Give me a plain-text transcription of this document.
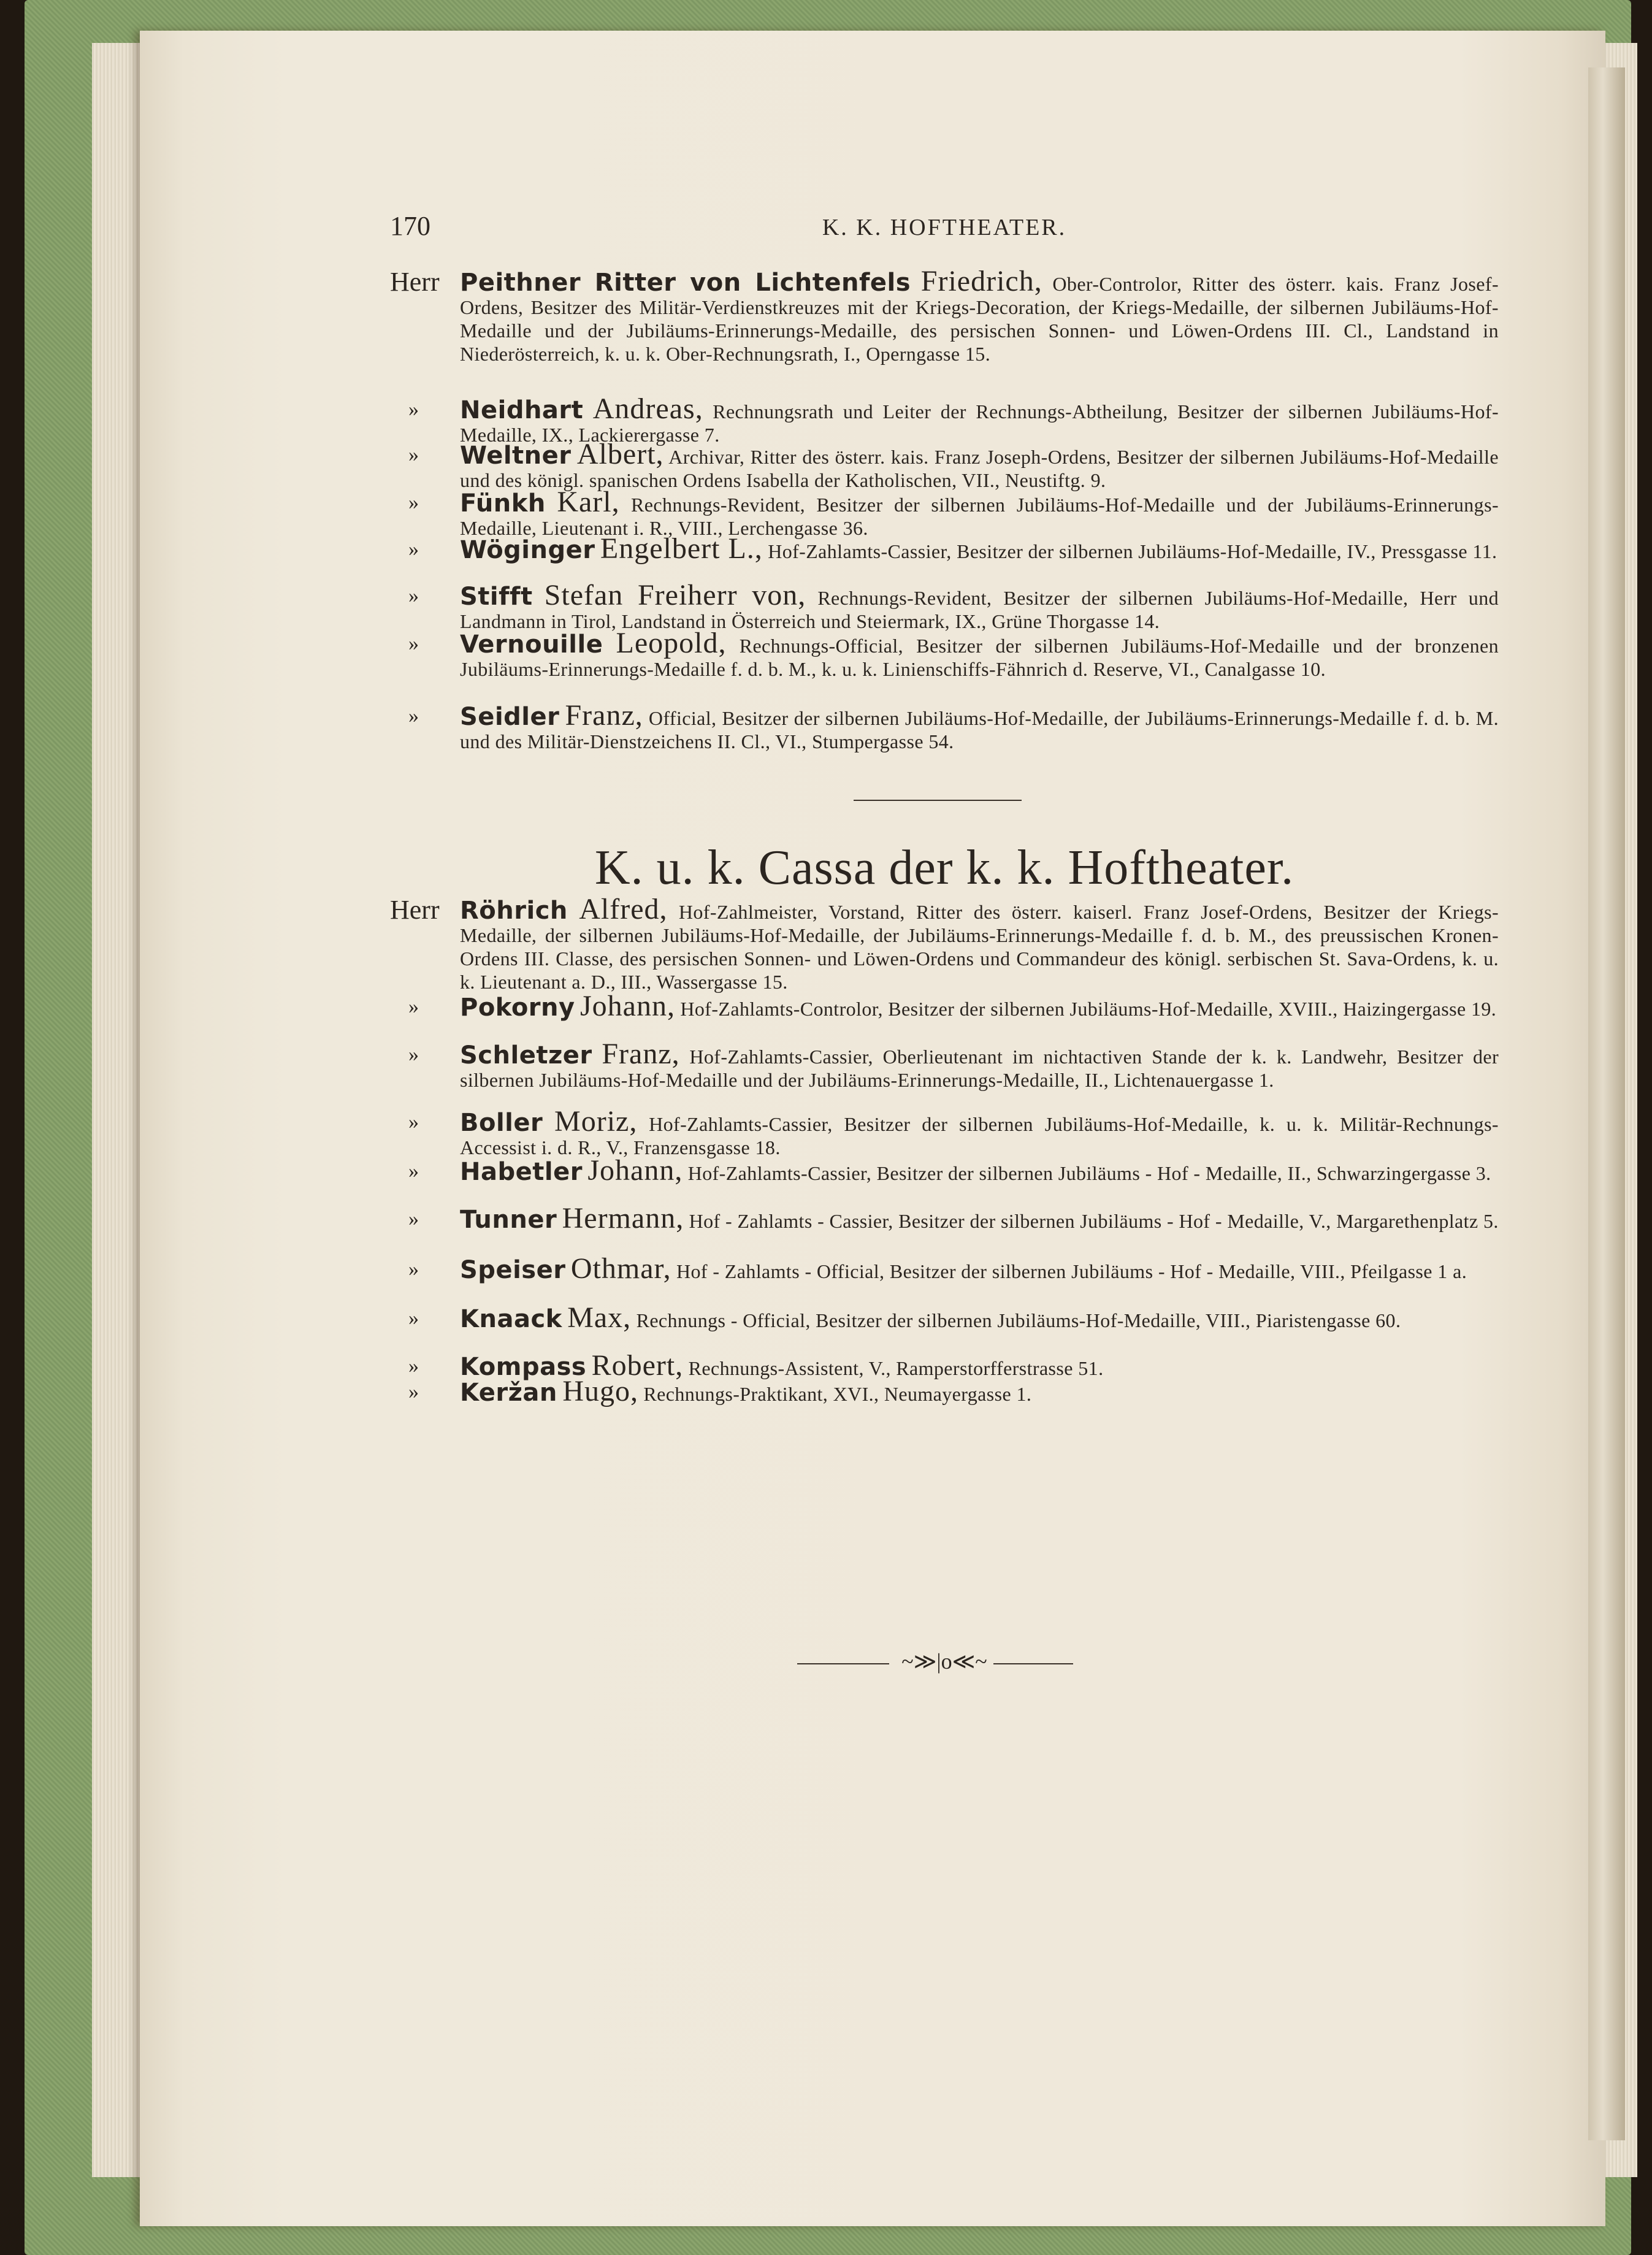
170	K. K. HOFTHEATER.
Herr Peithner Ritter von Lichtenfels Friedrich, Ober-Controlor, Ritter des österr. kais. Franz Josef-Ordens, Besitzer des Militär-Verdienstkreuzes mit der Kriegs-Decoration, der Kriegs-Medaille, der silbernen Jubiläums-Hof-Medaille und der Jubiläums-Erinnerungs-Medaille, des persischen Sonnen- und Löwen-Ordens III. Cl., Landstand in Niederösterreich, k. u. k. Ober-Rechnungsrath, I., Operngasse 15.
»	Neidhart Andreas, Rechnungsrath und Leiter der Rechnungs-Abtheilung, Besitzer der silbernen Jubiläums-Hof-Medaille, IX., Lackierergasse 7.
»	Weltner Albert, Archivar, Ritter des österr. kais. Franz Joseph-Ordens, Besitzer der silbernen Jubiläums-Hof-Medaille und des königl. spanischen Ordens Isabella der Katholischen, VII., Neustiftg. 9.
»	Fünkh Karl, Rechnungs-Revident, Besitzer der silbernen Jubiläums-Hof-Medaille und der Jubiläums-Erinnerungs-Medaille, Lieutenant i. R., VIII., Lerchengasse 36.
»	Wöginger Engelbert L., Hof-Zahlamts-Cassier, Besitzer der silbernen Jubiläums-Hof-Medaille, IV., Pressgasse 11.
»	Stifft Stefan Freiherr von, Rechnungs-Revident, Besitzer der silbernen Jubiläums-Hof-Medaille, Herr und Landmann in Tirol, Landstand in Österreich und Steiermark, IX., Grüne Thorgasse 14.
»	Vernouille Leopold, Rechnungs-Official, Besitzer der silbernen Jubiläums-Hof-Medaille und der bronzenen Jubiläums-Erinnerungs-Medaille f. d. b. M., k. u. k. Linienschiffs-Fähnrich d. Reserve, VI., Canalgasse 10.
»	Seidler Franz, Official, Besitzer der silbernen Jubiläums-Hof-Medaille, der Jubiläums-Erinnerungs-Medaille f. d. b. M. und des Militär-Dienstzeichens II. Cl., VI., Stumpergasse 54.
K. u. k. Cassa der k. k. Hoftheater.
Herr Röhrich Alfred, Hof-Zahlmeister, Vorstand, Ritter des österr. kaiserl. Franz Josef-Ordens, Besitzer der Kriegs-Medaille, der silbernen Jubiläums-Hof-Medaille, der Jubiläums-Erinnerungs-Medaille f. d. b. M., des preussischen Kronen-Ordens III. Classe, des persischen Sonnen- und Löwen-Ordens und Commandeur des königl. serbischen St. Sava-Ordens, k. u. k. Lieutenant a. D., III., Wassergasse 15.
»	Pokorny Johann, Hof-Zahlamts-Controlor, Besitzer der silbernen Jubiläums-Hof-Medaille, XVIII., Haizingergasse 19.
»	Schletzer Franz, Hof-Zahlamts-Cassier, Oberlieutenant im nichtactiven Stande der k. k. Landwehr, Besitzer der silbernen Jubiläums-Hof-Medaille und der Jubiläums-Erinnerungs-Medaille, II., Lichtenauergasse 1.
»	Boller Moriz, Hof-Zahlamts-Cassier, Besitzer der silbernen Jubiläums-Hof-Medaille, k. u. k. Militär-Rechnungs-Accessist i. d. R., V., Franzensgasse 18.
»	Habetler Johann, Hof-Zahlamts-Cassier, Besitzer der silbernen Jubiläums - Hof - Medaille, II., Schwarzingergasse 3.
»	Tunner Hermann, Hof - Zahlamts - Cassier, Besitzer der silbernen Jubiläums - Hof - Medaille, V., Margarethenplatz 5.
»	Speiser Othmar, Hof - Zahlamts - Official, Besitzer der silbernen Jubiläums - Hof - Medaille, VIII., Pfeilgasse 1 a.
»	Knaack Max, Rechnungs - Official, Besitzer der silbernen Jubiläums-Hof-Medaille, VIII., Piaristengasse 60.
»	Kompass Robert, Rechnungs-Assistent, V., Ramperstorfferstrasse 51.
»	Keržan Hugo, Rechnungs-Praktikant, XVI., Neumayergasse 1.
~≫|o≪~
